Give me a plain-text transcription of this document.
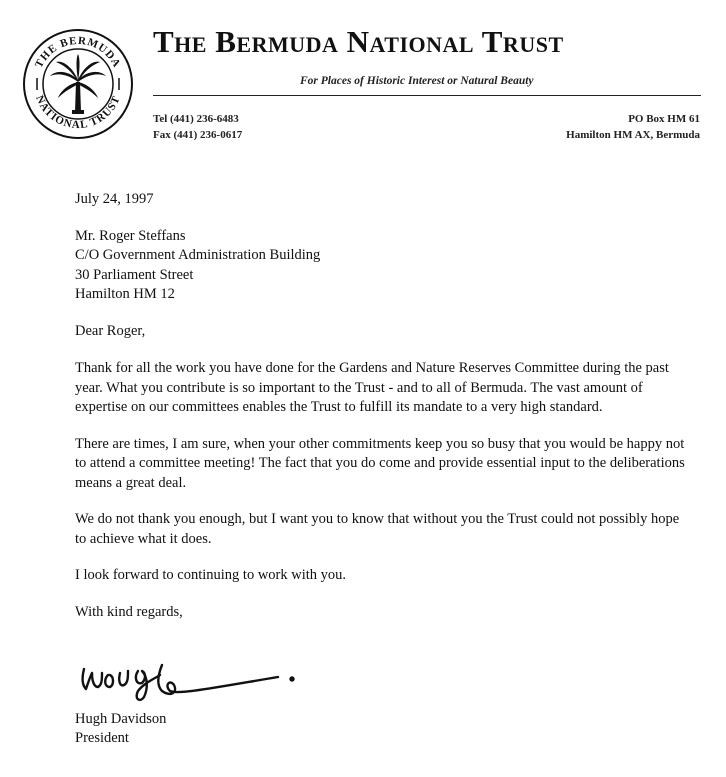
THE BERMUDA
NATIONAL TRUST
The Bermuda National Trust
For Places of Historic Interest or Natural Beauty
Tel (441) 236-6483
Fax (441) 236-0617
PO Box HM 61
Hamilton HM AX, Bermuda
July 24, 1997
Mr. Roger Steffans
C/O Government Administration Building
30 Parliament Street
Hamilton HM 12
Dear Roger,

Thank for all the work you have done for the Gardens and Nature Reserves Committee during the past year. What you contribute is so important to the Trust - and to all of Bermuda. The vast amount of expertise on our committees enables the Trust to fulfill its mandate to a very high standard.

There are times, I am sure, when your other commitments keep you so busy that you would be happy not to attend a committee meeting! The fact that you do come and provide essential input to the deliberations means a great deal.

We do not thank you enough, but I want you to know that without you the Trust could not possibly hope to achieve what it does.

I look forward to continuing to work with you.

With kind regards,

Hugh Davidson
President
